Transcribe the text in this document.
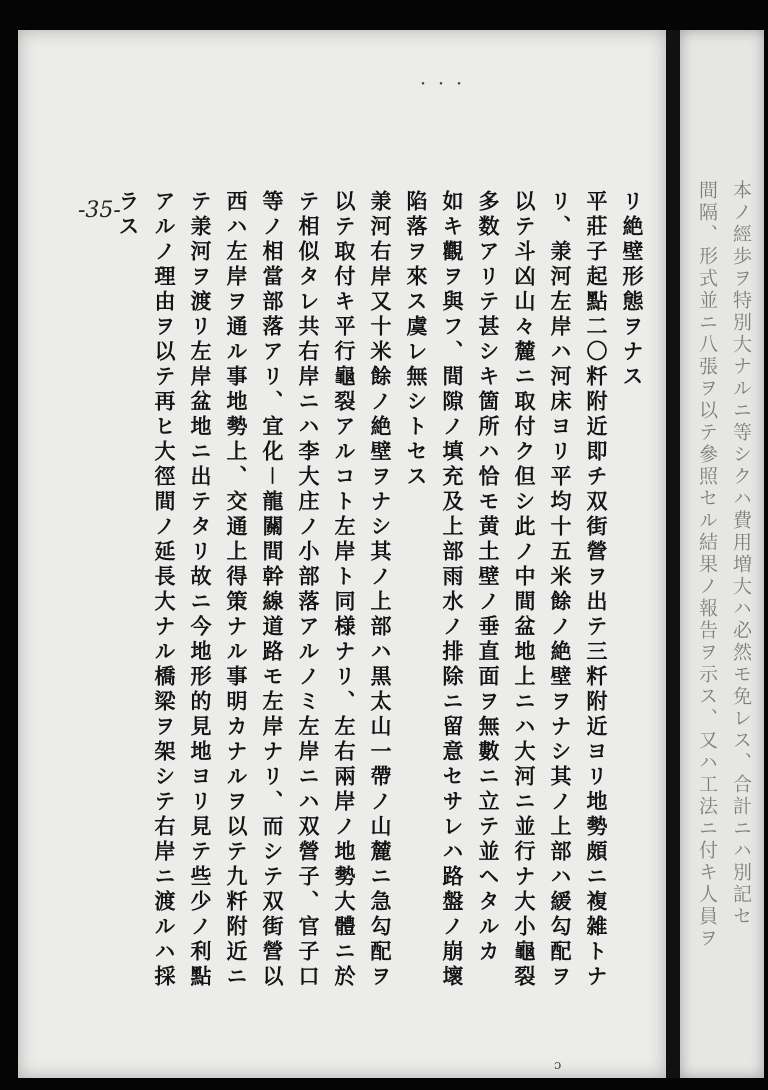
・・・
-35-	リ絶壁形態ヲナス
平莊子起點二〇粁附近即チ双街營ヲ出テ三粁附近ヨリ地勢頗ニ複雑トナ
リ、𣴎河左岸ハ河床ヨリ平均十五米餘ノ絶壁ヲナシ其ノ上部ハ緩勾配ヲ
以テ斗凶山々麓ニ取付ク但シ此ノ中間盆地上ニハ大河ニ並行ナ大小龜裂
多数アリテ甚シキ箇所ハ恰モ黄土壁ノ垂直面ヲ無數ニ立テ並ヘタルカ
如キ觀ヲ與フ、間隙ノ填充及上部雨水ノ排除ニ留意セサレハ路盤ノ崩壞
陷落ヲ來ス虞レ無シトセス
𣴎河右岸又十米餘ノ絶壁ヲナシ其ノ上部ハ黒太山一帶ノ山麓ニ急勾配ヲ
以テ取付キ平行龜裂アルコト左岸ト同様ナリ、左右兩岸ノ地勢大體ニ於
テ相似タレ共右岸ニハ李大庄ノ小部落アルノミ左岸ニハ双營子、官子口
等ノ相當部落アリ、宜化－龍關間幹線道路モ左岸ナリ、而シテ双街營以
西ハ左岸ヲ通ル事地勢上、交通上得策ナル事明カナルヲ以テ九粁附近ニ
テ𣴎河ヲ渡リ左岸盆地ニ出テタリ故ニ今地形的見地ヨリ見テ些少ノ利點
アルノ理由ヲ以テ再ヒ大徑間ノ延長大ナル橋梁ヲ架シテ右岸ニ渡ルハ採
ラス
ɔ
本ノ經歩ヲ特別大ナルニ等シクハ費用増大ハ必然モ免レス、合計ニハ別記セ
間隔、形式並ニ八張ヲ以テ參照セル結果ノ報告ヲ示ス、又ハ工法ニ付キ人員ヲ
